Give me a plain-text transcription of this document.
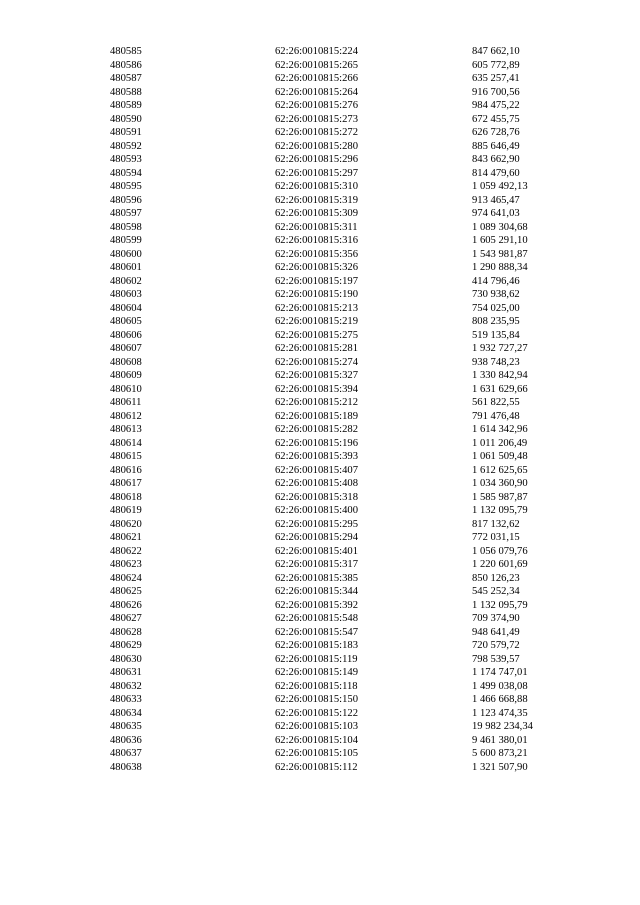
480585	62:26:0010815:224	847 662,10
480586	62:26:0010815:265	605 772,89
480587	62:26:0010815:266	635 257,41
480588	62:26:0010815:264	916 700,56
480589	62:26:0010815:276	984 475,22
480590	62:26:0010815:273	672 455,75
480591	62:26:0010815:272	626 728,76
480592	62:26:0010815:280	885 646,49
480593	62:26:0010815:296	843 662,90
480594	62:26:0010815:297	814 479,60
480595	62:26:0010815:310	1 059 492,13
480596	62:26:0010815:319	913 465,47
480597	62:26:0010815:309	974 641,03
480598	62:26:0010815:311	1 089 304,68
480599	62:26:0010815:316	1 605 291,10
480600	62:26:0010815:356	1 543 981,87
480601	62:26:0010815:326	1 290 888,34
480602	62:26:0010815:197	414 796,46
480603	62:26:0010815:190	730 938,62
480604	62:26:0010815:213	754 025,00
480605	62:26:0010815:219	808 235,95
480606	62:26:0010815:275	519 135,84
480607	62:26:0010815:281	1 932 727,27
480608	62:26:0010815:274	938 748,23
480609	62:26:0010815:327	1 330 842,94
480610	62:26:0010815:394	1 631 629,66
480611	62:26:0010815:212	561 822,55
480612	62:26:0010815:189	791 476,48
480613	62:26:0010815:282	1 614 342,96
480614	62:26:0010815:196	1 011 206,49
480615	62:26:0010815:393	1 061 509,48
480616	62:26:0010815:407	1 612 625,65
480617	62:26:0010815:408	1 034 360,90
480618	62:26:0010815:318	1 585 987,87
480619	62:26:0010815:400	1 132 095,79
480620	62:26:0010815:295	817 132,62
480621	62:26:0010815:294	772 031,15
480622	62:26:0010815:401	1 056 079,76
480623	62:26:0010815:317	1 220 601,69
480624	62:26:0010815:385	850 126,23
480625	62:26:0010815:344	545 252,34
480626	62:26:0010815:392	1 132 095,79
480627	62:26:0010815:548	709 374,90
480628	62:26:0010815:547	948 641,49
480629	62:26:0010815:183	720 579,72
480630	62:26:0010815:119	798 539,57
480631	62:26:0010815:149	1 174 747,01
480632	62:26:0010815:118	1 499 038,08
480633	62:26:0010815:150	1 466 668,88
480634	62:26:0010815:122	1 123 474,35
480635	62:26:0010815:103	19 982 234,34
480636	62:26:0010815:104	9 461 380,01
480637	62:26:0010815:105	5 600 873,21
480638	62:26:0010815:112	1 321 507,90
